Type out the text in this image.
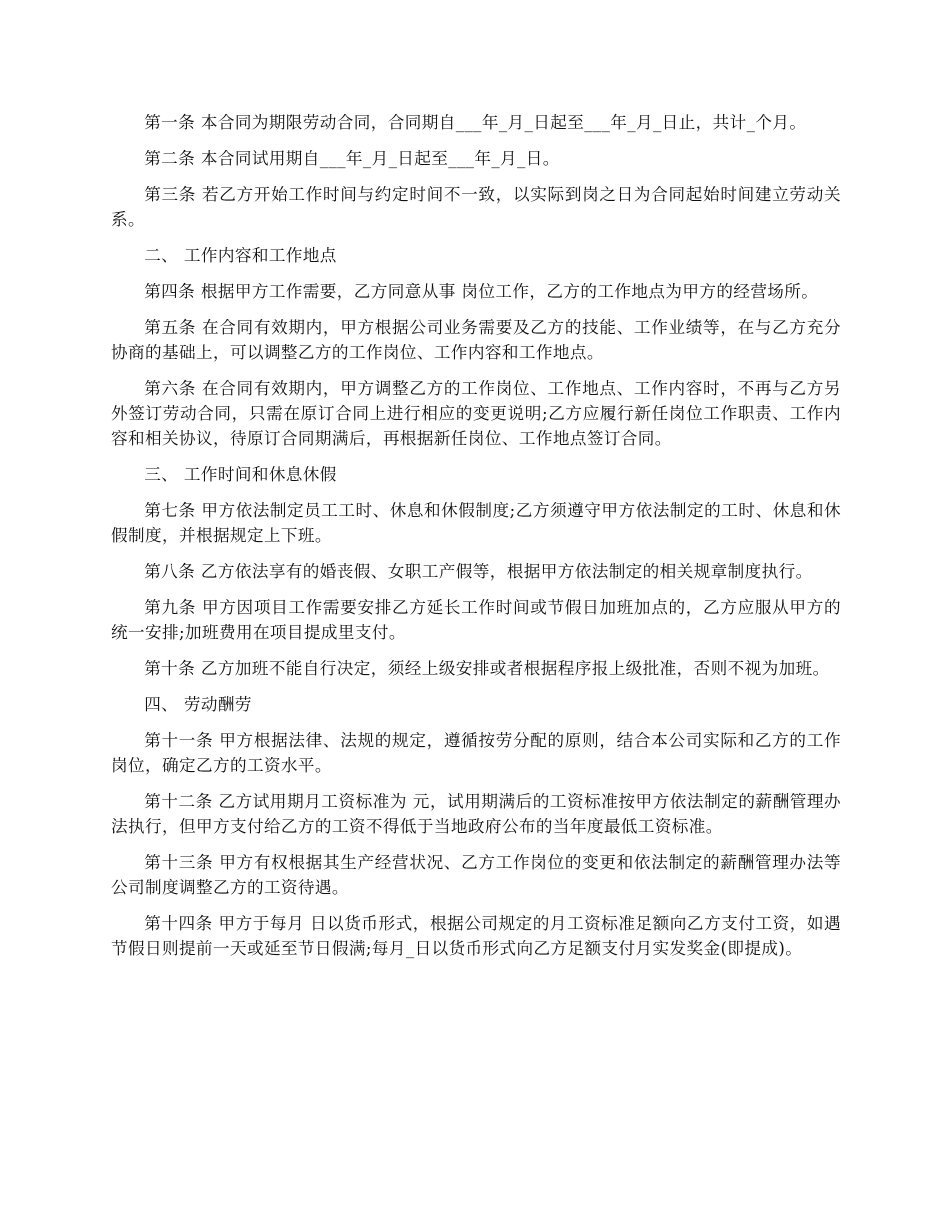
第一条 本合同为期限劳动合同，合同期自___年_月_日起至___年_月_日止，共计_个月。

第二条 本合同试用期自___年_月_日起至___年_月_日。

第三条 若乙方开始工作时间与约定时间不一致，以实际到岗之日为合同起始时间建立劳动关系。

二、 工作内容和工作地点

第四条 根据甲方工作需要，乙方同意从事 岗位工作，乙方的工作地点为甲方的经营场所。

第五条 在合同有效期内，甲方根据公司业务需要及乙方的技能、工作业绩等，在与乙方充分协商的基础上，可以调整乙方的工作岗位、工作内容和工作地点。

第六条 在合同有效期内，甲方调整乙方的工作岗位、工作地点、工作内容时，不再与乙方另外签订劳动合同，只需在原订合同上进行相应的变更说明;乙方应履行新任岗位工作职责、工作内容和相关协议，待原订合同期满后，再根据新任岗位、工作地点签订合同。

三、 工作时间和休息休假

第七条 甲方依法制定员工工时、休息和休假制度;乙方须遵守甲方依法制定的工时、休息和休假制度，并根据规定上下班。

第八条 乙方依法享有的婚丧假、女职工产假等，根据甲方依法制定的相关规章制度执行。

第九条 甲方因项目工作需要安排乙方延长工作时间或节假日加班加点的，乙方应服从甲方的统一安排;加班费用在项目提成里支付。

第十条 乙方加班不能自行决定，须经上级安排或者根据程序报上级批准，否则不视为加班。

四、 劳动酬劳

第十一条 甲方根据法律、法规的规定，遵循按劳分配的原则，结合本公司实际和乙方的工作岗位，确定乙方的工资水平。

第十二条 乙方试用期月工资标准为 元，试用期满后的工资标准按甲方依法制定的薪酬管理办法执行，但甲方支付给乙方的工资不得低于当地政府公布的当年度最低工资标准。

第十三条 甲方有权根据其生产经营状况、乙方工作岗位的变更和依法制定的薪酬管理办法等公司制度调整乙方的工资待遇。

第十四条 甲方于每月 日以货币形式，根据公司规定的月工资标准足额向乙方支付工资，如遇节假日则提前一天或延至节日假满;每月_日以货币形式向乙方足额支付月实发奖金(即提成)。
